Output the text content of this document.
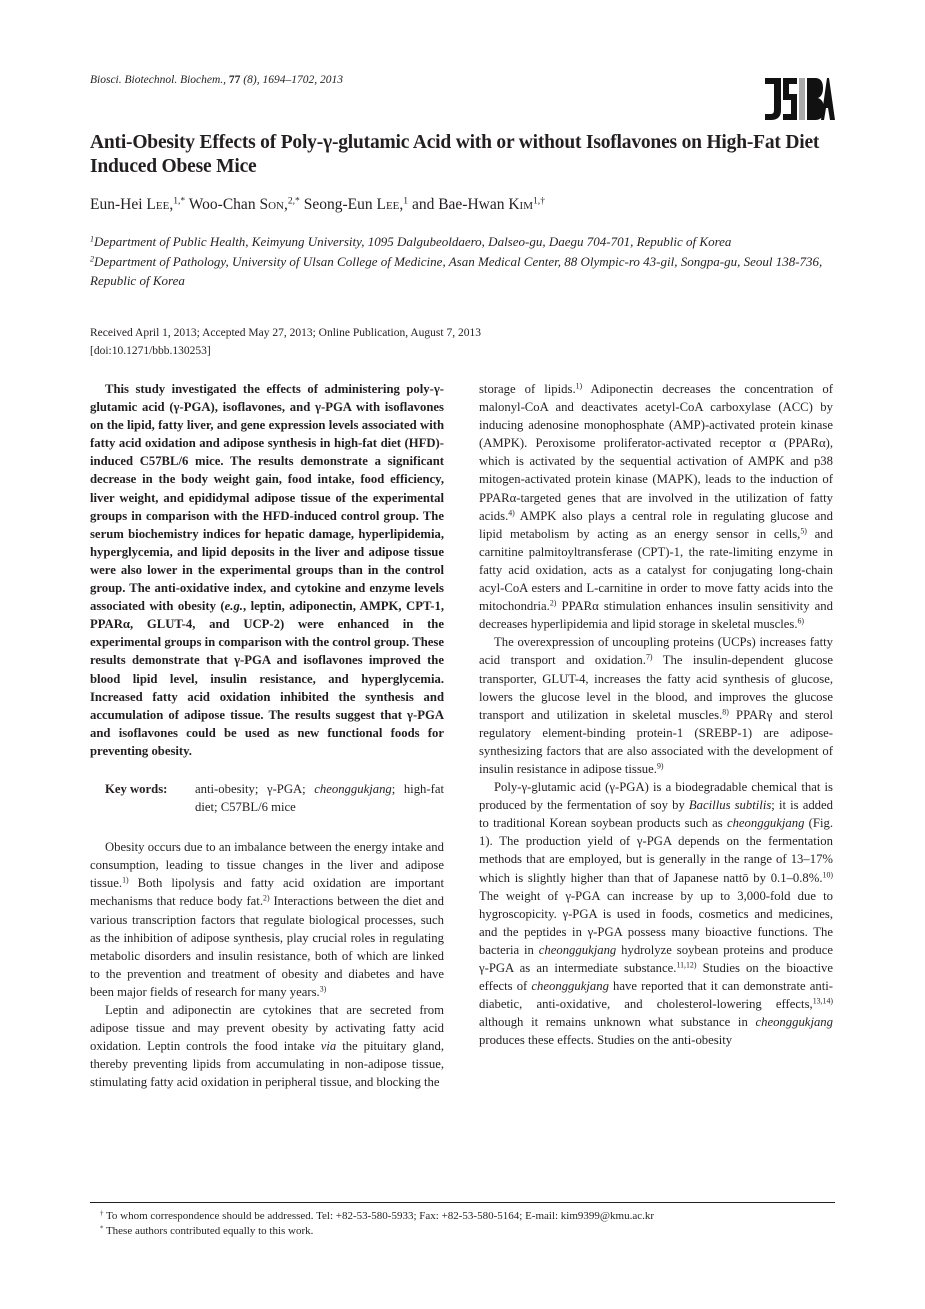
Biosci. Biotechnol. Biochem., 77 (8), 1694–1702, 2013
Anti-Obesity Effects of Poly-γ-glutamic Acid with or without Isoflavones on High-Fat Diet Induced Obese Mice
Eun-Hei Lee,$^{1,*}$ Woo-Chan Son,$^{2,*}$ Seong-Eun Lee,$^1$ and Bae-Hwan Kim$^{1,\dagger}$
$^1$Department of Public Health, Keimyung University, 1095 Dalgubeoldaero, Dalseo-gu, Daegu 704-701, Republic of Korea
$^2$Department of Pathology, University of Ulsan College of Medicine, Asan Medical Center, 88 Olympic-ro 43-gil, Songpa-gu, Seoul 138-736, Republic of Korea
Received April 1, 2013; Accepted May 27, 2013; Online Publication, August 7, 2013
[doi:10.1271/bbb.130253]

This study investigated the effects of administering poly-γ-glutamic acid (γ-PGA), isoflavones, and γ-PGA with isoflavones on the lipid, fatty liver, and gene expression levels associated with fatty acid oxidation and adipose synthesis in high-fat diet (HFD)-induced C57BL/6 mice. The results demonstrate a significant decrease in the body weight gain, food intake, food efficiency, liver weight, and epididymal adipose tissue of the experimental groups in comparison with the HFD-induced control group. The serum biochemistry indices for hepatic damage, hyperlipidemia, hyperglycemia, and lipid deposits in the liver and adipose tissue were also lower in the experimental groups than in the control group. The anti-oxidative index, and cytokine and enzyme levels associated with obesity (e.g., leptin, adiponectin, AMPK, CPT-1, PPARα, GLUT-4, and UCP-2) were enhanced in the experimental groups in comparison with the control group. These results demonstrate that γ-PGA and isoflavones improved the blood lipid level, insulin resistance, and hyperglycemia. Increased fatty acid oxidation inhibited the synthesis and accumulation of adipose tissue. The results suggest that γ-PGA and isoflavones could be used as new functional foods for preventing obesity.

Key words:	anti-obesity; γ-PGA; cheonggukjang; high-fat diet; C57BL/6 mice

Obesity occurs due to an imbalance between the energy intake and consumption, leading to tissue changes in the liver and adipose tissue.$^{1)}$ Both lipolysis and fatty acid oxidation are important mechanisms that reduce body fat.$^{2)}$ Interactions between the diet and various transcription factors that regulate biological processes, such as the inhibition of adipose synthesis, play crucial roles in regulating metabolic disorders and insulin resistance, both of which are linked to the prevention and treatment of obesity and diabetes and have been major fields of research for many years.$^{3)}$

Leptin and adiponectin are cytokines that are secreted from adipose tissue and may prevent obesity by activating fatty acid oxidation. Leptin controls the food intake via the pituitary gland, thereby preventing lipids from accumulating in non-adipose tissue, stimulating fatty acid oxidation in peripheral tissue, and blocking the

storage of lipids.$^{1)}$ Adiponectin decreases the concentration of malonyl-CoA and deactivates acetyl-CoA carboxylase (ACC) by inducing adenosine monophosphate (AMP)-activated protein kinase (AMPK). Peroxisome proliferator-activated receptor α (PPARα), which is activated by the sequential activation of AMPK and p38 mitogen-activated protein kinase (MAPK), leads to the induction of PPARα-targeted genes that are involved in the utilization of fatty acids.$^{4)}$ AMPK also plays a central role in regulating glucose and lipid metabolism by acting as an energy sensor in cells,$^{5)}$ and carnitine palmitoyltransferase (CPT)-1, the rate-limiting enzyme in fatty acid oxidation, acts as a catalyst for conjugating long-chain acyl-CoA esters and L-carnitine in order to move fatty acids into the mitochondria.$^{2)}$ PPARα stimulation enhances insulin sensitivity and decreases hyperlipidemia and lipid storage in skeletal muscles.$^{6)}$

The overexpression of uncoupling proteins (UCPs) increases fatty acid transport and oxidation.$^{7)}$ The insulin-dependent glucose transporter, GLUT-4, increases the fatty acid synthesis of glucose, lowers the glucose level in the blood, and improves the glucose transport and utilization in skeletal muscles.$^{8)}$ PPARγ and sterol regulatory element-binding protein-1 (SREBP-1) are adipose-synthesizing factors that are also associated with the development of insulin resistance in adipose tissue.$^{9)}$

Poly-γ-glutamic acid (γ-PGA) is a biodegradable chemical that is produced by the fermentation of soy by Bacillus subtilis; it is added to traditional Korean soybean products such as cheonggukjang (Fig. 1). The production yield of γ-PGA depends on the fermentation methods that are employed, but is generally in the range of 13–17% which is slightly higher than that of Japanese nattō by 0.1–0.8%.$^{10)}$ The weight of γ-PGA can increase by up to 3,000-fold due to hygroscopicity. γ-PGA is used in foods, cosmetics and medicines, and the peptides in γ-PGA possess many bioactive functions. The bacteria in cheonggukjang hydrolyze soybean proteins and produce γ-PGA as an intermediate substance.$^{11,12)}$ Studies on the bioactive effects of cheonggukjang have reported that it can demonstrate anti-diabetic, anti-oxidative, and cholesterol-lowering effects,$^{13,14)}$ although it remains unknown what substance in cheonggukjang produces these effects. Studies on the anti-obesity

† To whom correspondence should be addressed. Tel: +82-53-580-5933; Fax: +82-53-580-5164; E-mail: kim9399@kmu.ac.kr
* These authors contributed equally to this work.
